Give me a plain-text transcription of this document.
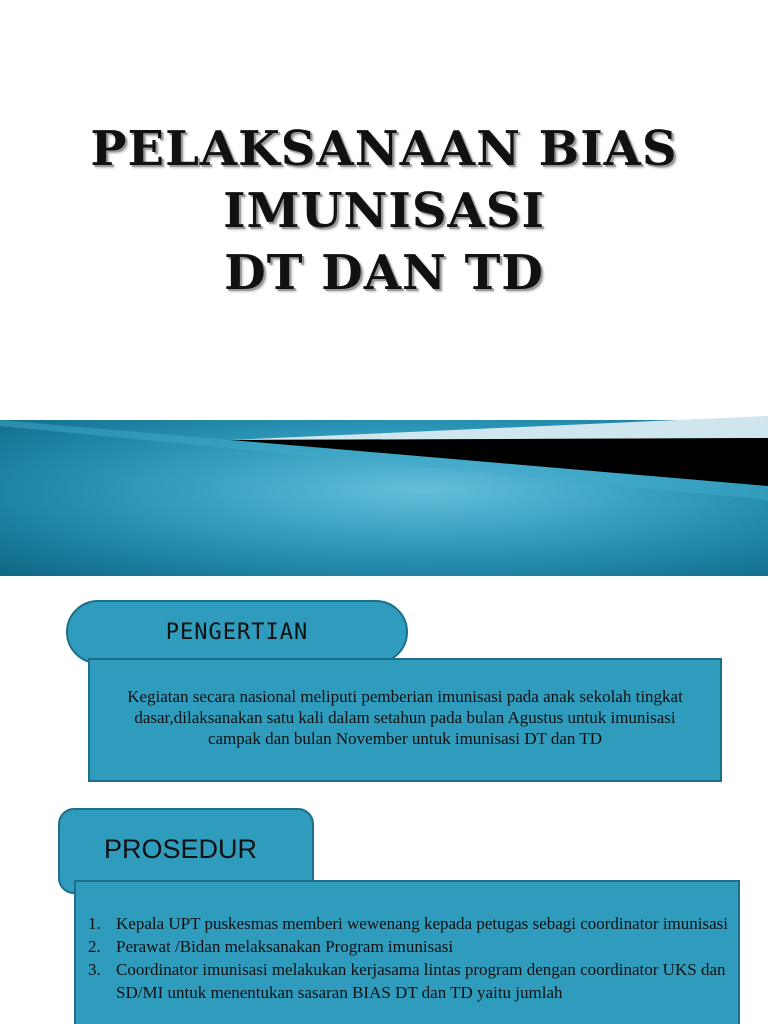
PELAKSANAAN BIAS
IMUNISASI
DT DAN TD
PENGERTIAN

Kegiatan secara nasional meliputi pemberian imunisasi pada anak sekolah tingkat dasar,dilaksanakan satu kali dalam setahun pada bulan Agustus untuk imunisasi campak dan bulan November untuk imunisasi DT dan TD

PROSEDUR
1. Kepala UPT puskesmas memberi wewenang kepada petugas sebagi coordinator imunisasi
2. Perawat /Bidan melaksanakan Program imunisasi
3. Coordinator imunisasi melakukan kerjasama lintas program dengan coordinator UKS dan SD/MI untuk menentukan sasaran BIAS DT dan TD yaitu jumlah
